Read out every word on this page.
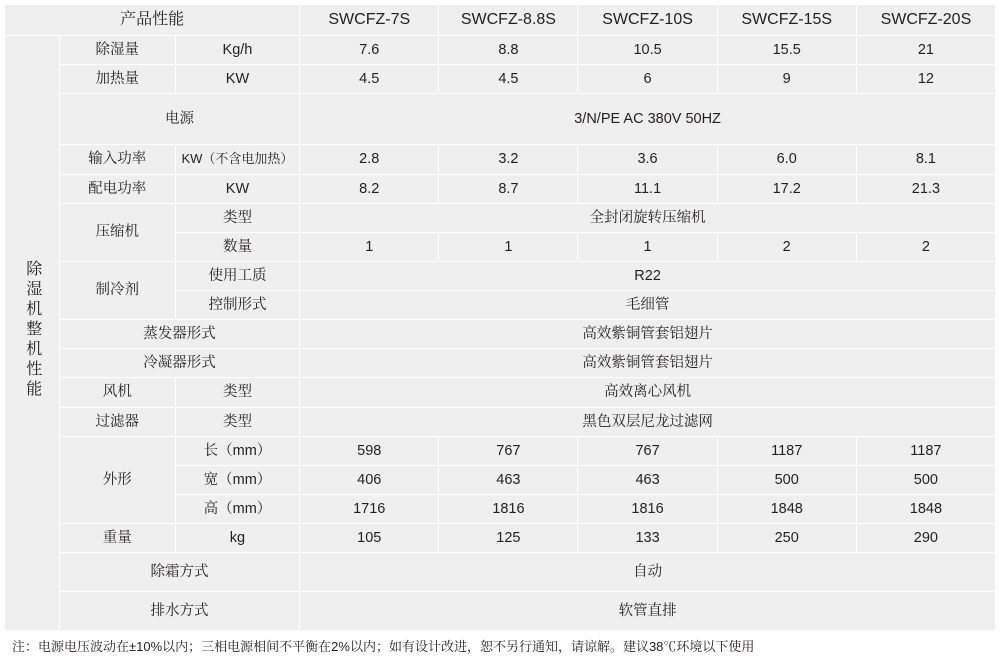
产品性能			SWCFZ-7S	SWCFZ-8.8S	SWCFZ-10S	SWCFZ-15S	SWCFZ-20S
除湿机整机性能	除湿量	Kg/h	7.6	8.8	10.5	15.5	21
	加热量	KW	4.5	4.5	6	9	12
	电源		3/N/PE AC 380V 50HZ				
	输入功率	KW（不含电加热）	2.8	3.2	3.6	6.0	8.1
	配电功率	KW	8.2	8.7	11.1	17.2	21.3
	压缩机	类型	全封闭旋转压缩机				
		数量	1	1	1	2	2
	制冷剂	使用工质	R22				
		控制形式	毛细管				
	蒸发器形式		高效紫铜管套铝翅片				
	冷凝器形式		高效紫铜管套铝翅片				
	风机	类型	高效离心风机				
	过滤器	类型	黑色双层尼龙过滤网				
	外形	长（mm）	598	767	767	1187	1187
		宽（mm）	406	463	463	500	500
		高（mm）	1716	1816	1816	1848	1848
	重量	kg	105	125	133	250	290
	除霜方式		自动				
	排水方式		软管直排				
注：电源电压波动在±10%以内；三相电源相间不平衡在2%以内；如有设计改进，恕不另行通知，请谅解。建议38℃环境以下使用
